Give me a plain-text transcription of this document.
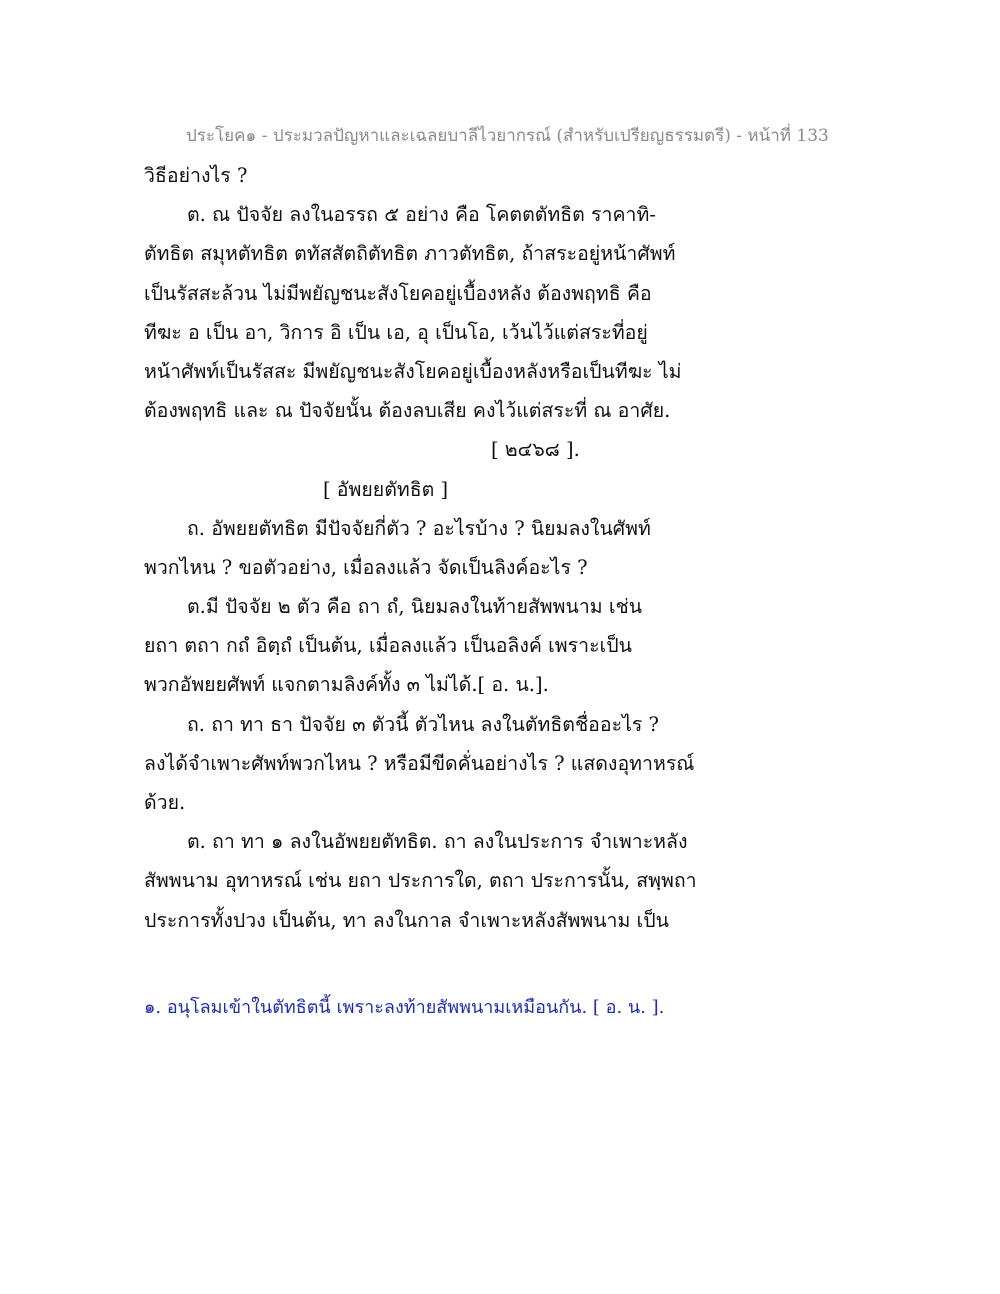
ประโยค๑ - ประมวลปัญหาและเฉลยบาลีไวยากรณ์ (สำหรับเปรียญธรรมตรี) - หน้าที่ 133
วิธีอย่างไร ?
ต. ณ ปัจจัย ลงในอรรถ ๕ อย่าง คือ โคตตตัทธิต ราคาทิ-
ตัทธิต สมุหตัทธิต ตทัสสัตถิตัทธิต ภาวตัทธิต, ถ้าสระอยู่หน้าศัพท์
เป็นรัสสะล้วน ไม่มีพยัญชนะสังโยคอยู่เบื้องหลัง ต้องพฤทธิ คือ
ทีฆะ อ เป็น อา, วิการ อิ เป็น เอ, อุ เป็นโอ, เว้นไว้แต่สระที่อยู่
หน้าศัพท์เป็นรัสสะ มีพยัญชนะสังโยคอยู่เบื้องหลังหรือเป็นทีฆะ ไม่
ต้องพฤทธิ และ ณ ปัจจัยนั้น ต้องลบเสีย คงไว้แต่สระที่ ณ อาศัย.
[ ๒๔๖๘ ].
[ อัพยยตัทธิต ]
ถ. อัพยยตัทธิต มีปัจจัยกี่ตัว ? อะไรบ้าง ? นิยมลงในศัพท์
พวกไหน ? ขอตัวอย่าง, เมื่อลงแล้ว จัดเป็นลิงค์อะไร ?
ต.มี ปัจจัย ๒ ตัว คือ ถา ถํ, นิยมลงในท้ายสัพพนาม เช่น
ยถา ตถา กถํ อิตฺถํ เป็นต้น, เมื่อลงแล้ว เป็นอลิงค์ เพราะเป็น
พวกอัพยยศัพท์ แจกตามลิงค์ทั้ง ๓ ไม่ได้.[ อ. น.].
ถ. ถา ทา ธา ปัจจัย ๓ ตัวนี้ ตัวไหน ลงในตัทธิตชื่ออะไร ?
ลงได้จำเพาะศัพท์พวกไหน ? หรือมีขีดคั่นอย่างไร ? แสดงอุทาหรณ์
ด้วย.
ต. ถา ทา ๑ ลงในอัพยยตัทธิต. ถา ลงในประการ จำเพาะหลัง
สัพพนาม อุทาหรณ์ เช่น ยถา ประการใด, ตถา ประการนั้น, สพฺพถา
ประการทั้งปวง เป็นต้น, ทา ลงในกาล จำเพาะหลังสัพพนาม เป็น
๑. อนุโลมเข้าในตัทธิตนี้ เพราะลงท้ายสัพพนามเหมือนกัน. [ อ. น. ].
